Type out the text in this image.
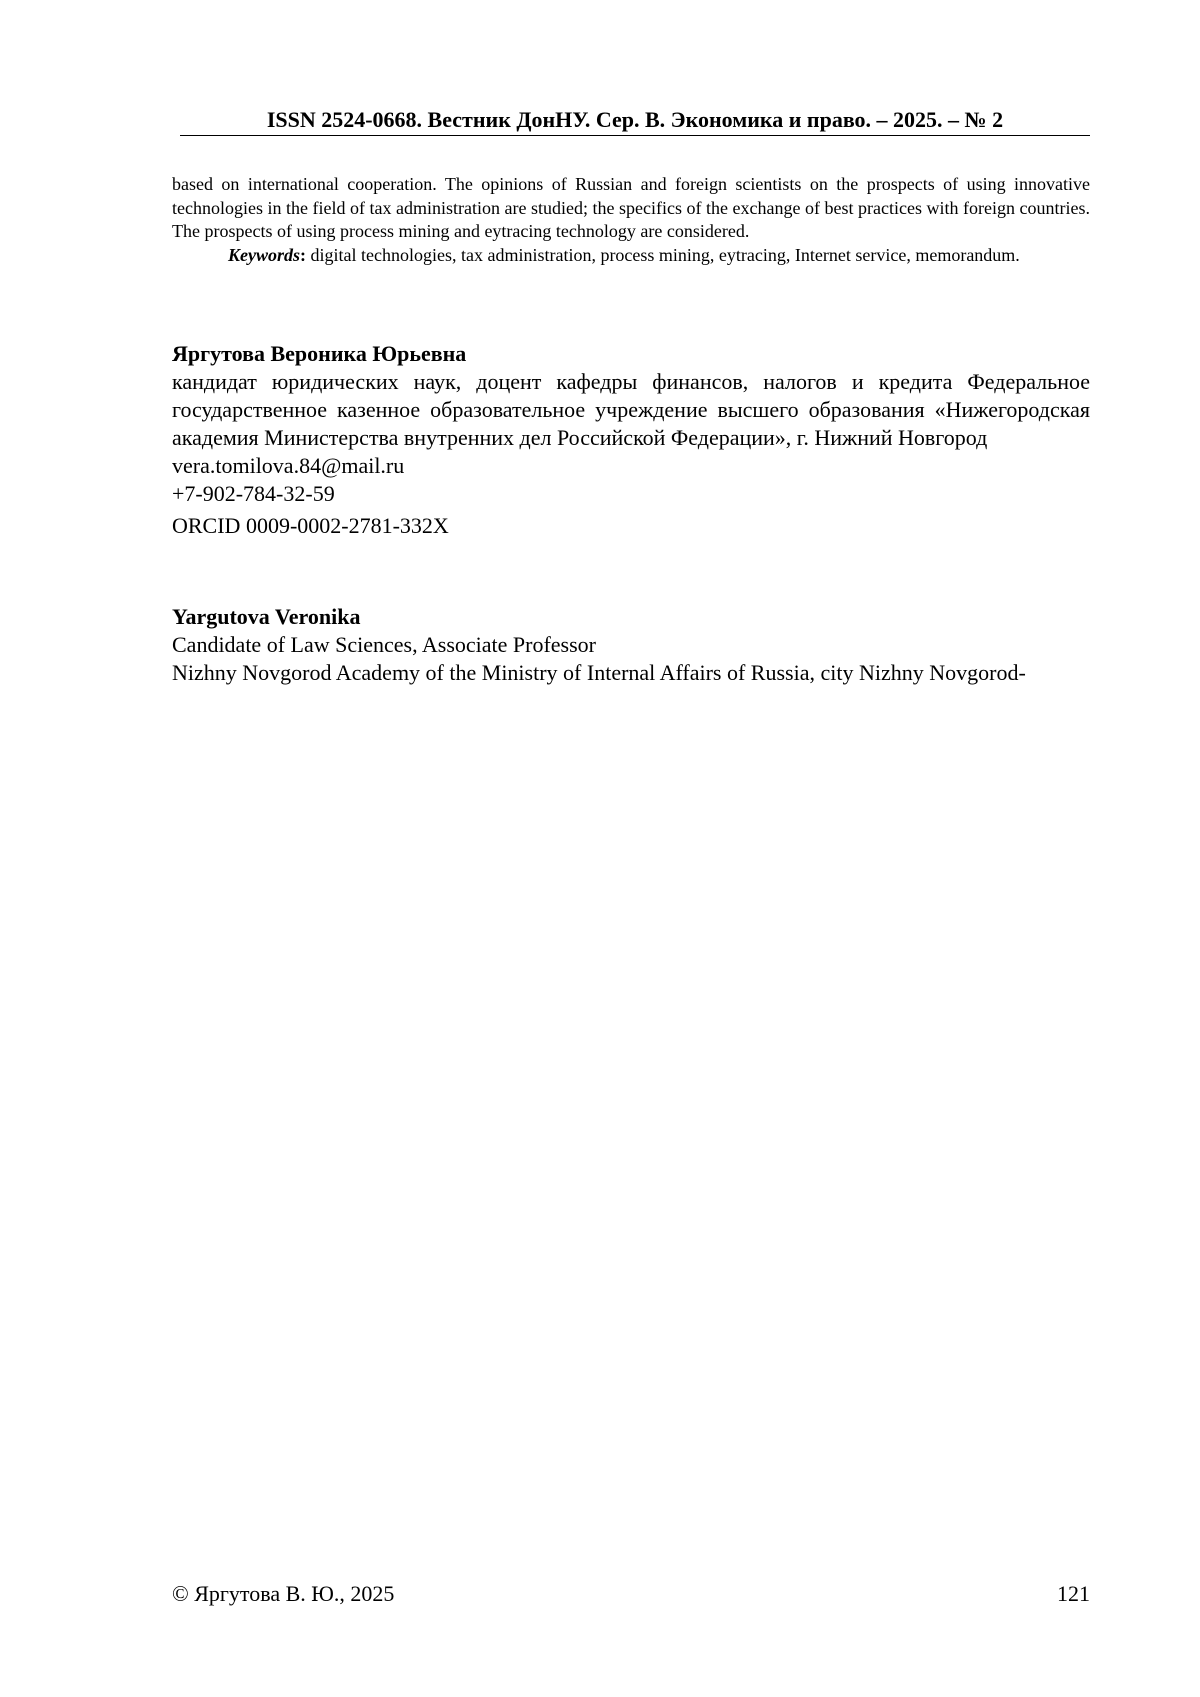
ISSN 2524-0668. Вестник ДонНУ. Сер. В. Экономика и право. – 2025. – № 2

based on international cooperation. The opinions of Russian and foreign scientists on the prospects of using innovative technologies in the field of tax administration are studied; the specifics of the exchange of best practices with foreign countries. The prospects of using process mining and eytracing technology are considered.

Keywords: digital technologies, tax administration, process mining, eytracing, Internet service, memorandum.

Яргутова Вероника Юрьевна

кандидат юридических наук, доцент кафедры финансов, налогов и кредита Федеральное государственное казенное образовательное учреждение высшего образования «Нижегородская академия Министерства внутренних дел Российской Федерации», г. Нижний Новгород

vera.tomilova.84@mail.ru

+7-902-784-32-59

ORCID 0009-0002-2781-332X

Yargutova Veronika

Candidate of Law Sciences, Associate Professor

Nizhny Novgorod Academy of the Ministry of Internal Affairs of Russia, city Nizhny Novgorod-

© Яргутова В. Ю., 2025	121
